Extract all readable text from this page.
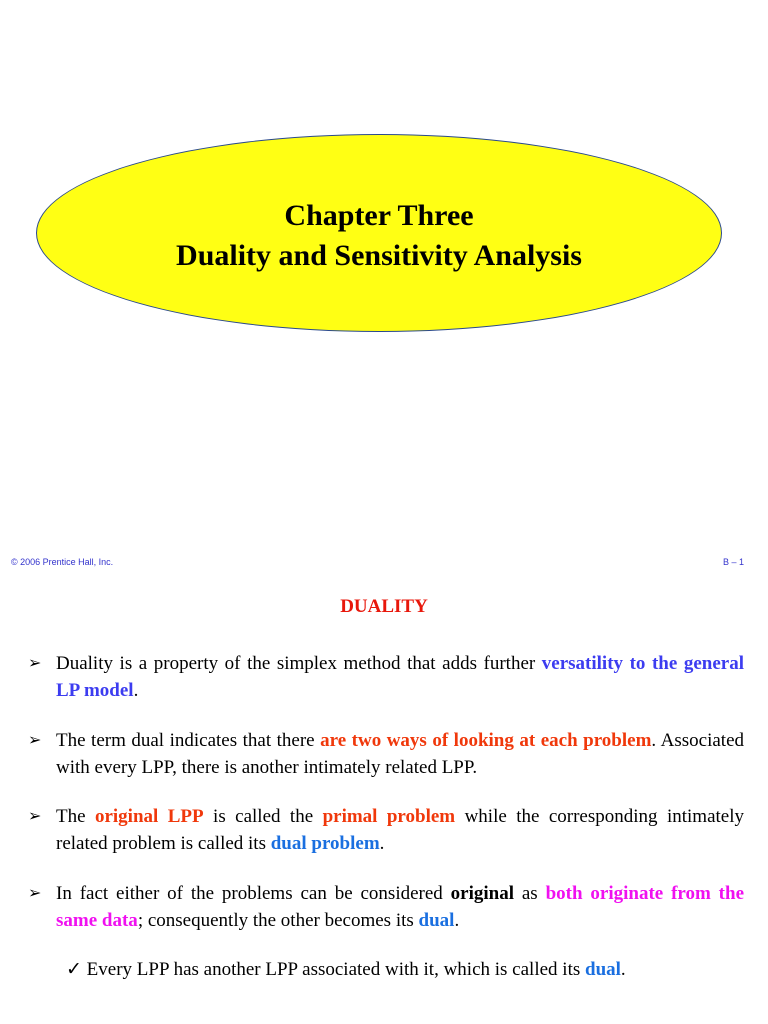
Chapter Three
Duality and Sensitivity Analysis
© 2006 Prentice Hall, Inc.	B – 1
DUALITY
➢ Duality is a property of the simplex method that adds further versatility to the general LP model.
➢ The term dual indicates that there are two ways of looking at each problem. Associated with every LPP, there is another intimately related LPP.
➢ The original LPP is called the primal problem while the corresponding intimately related problem is called its dual problem.
➢ In fact either of the problems can be considered original as both originate from the same data; consequently the other becomes its dual.
✓ Every LPP has another LPP associated with it, which is called its dual.
